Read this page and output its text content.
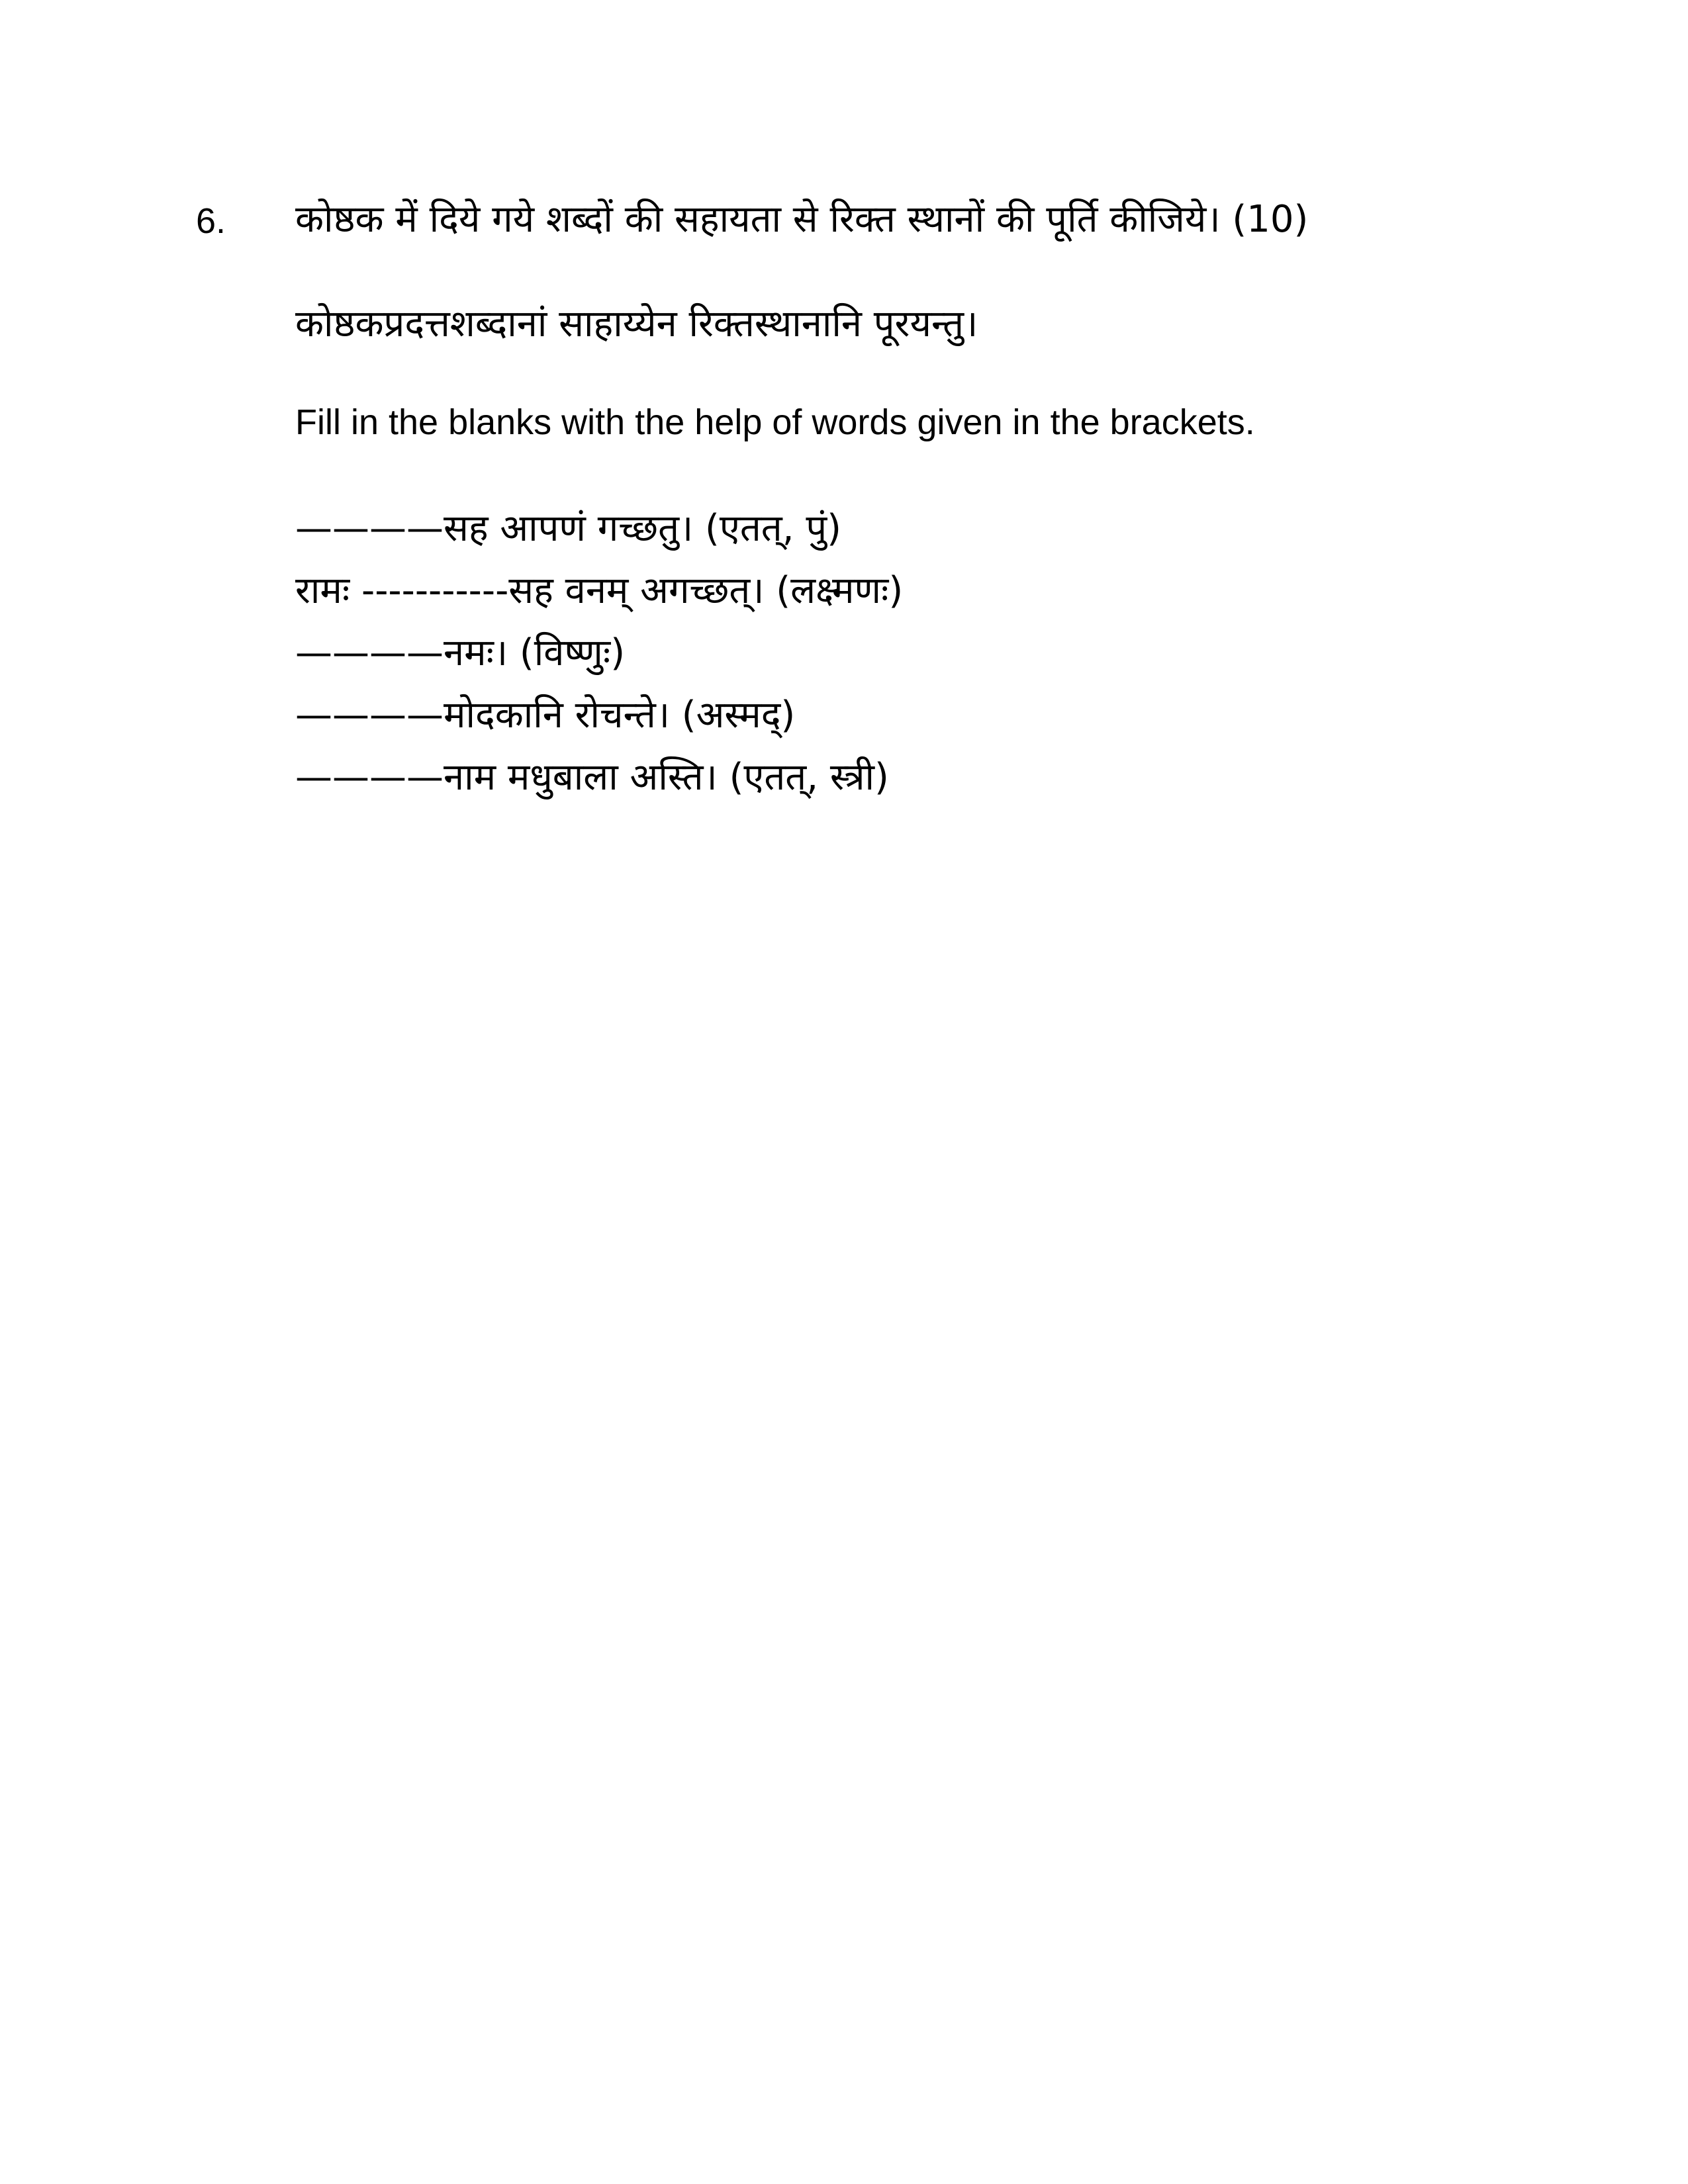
6. कोष्ठक में दिये गये शब्दों की सहायता से रिक्त स्थानों की पूर्ति कीजिये। (10)
कोष्ठकप्रदत्तशब्दानां साहाय्येन रिक्तस्थानानि पूरयन्तु।
Fill in the blanks with the help of words given in the brackets.
————सह आपणं गच्छतु। (एतत्, पुं)
रामः -----------सह वनम् अगच्छत्। (लक्ष्मणः)
————नमः। (विष्णुः)
————मोदकानि रोचन्ते। (अस्मद्)
————नाम मधुबाला अस्ति। (एतत्, स्त्री)
